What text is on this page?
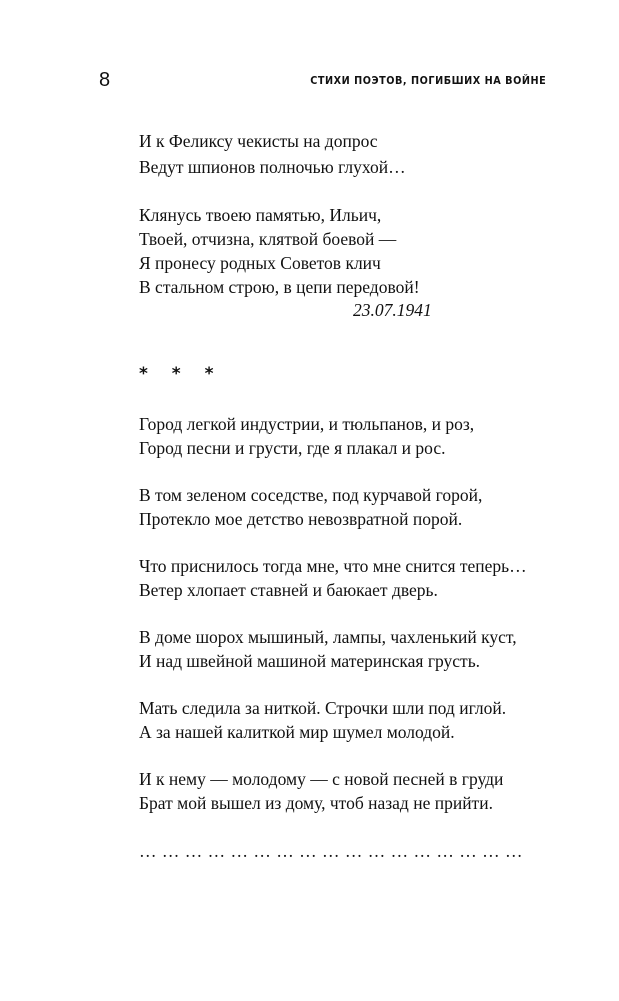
8	СТИХИ ПОЭТОВ, ПОГИБШИХ НА ВОЙНЕ
И к Феликсу чекисты на допрос
Ведут шпионов полночью глухой…
Клянусь твоею памятью, Ильич,
Твоей, отчизна, клятвой боевой —
Я пронесу родных Советов клич
В стальном строю, в цепи передовой!
23.07.1941
* * *
Город легкой индустрии, и тюльпанов, и роз,
Город песни и грусти, где я плакал и рос.
В том зеленом соседстве, под курчавой горой,
Протекло мое детство невозвратной порой.
Что приснилось тогда мне, что мне снится теперь…
Ветер хлопает ставней и баюкает дверь.
В доме шорох мышиный, лампы, чахленький куст,
И над швейной машиной материнская грусть.
Мать следила за ниткой. Строчки шли под иглой.
А за нашей калиткой мир шумел молодой.
И к нему — молодому — с новой песней в груди
Брат мой вышел из дому, чтоб назад не прийти.
… … … … … … … … … … … … … … … … …
